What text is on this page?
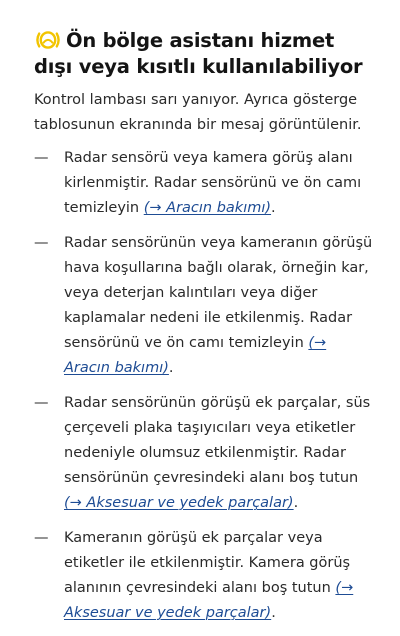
Ön bölge asistanı hizmet dışı veya kısıtlı kullanılabiliyor

Kontrol lambası sarı yanıyor. Ayrıca gösterge tablosunun ekranında bir mesaj görüntülenir.

— Radar sensörü veya kamera görüş alanı kirlenmiştir. Radar sensörünü ve ön camı temizleyin (→ Aracın bakımı).
— Radar sensörünün veya kameranın görüşü hava koşullarına bağlı olarak, örneğin kar, veya deterjan kalıntıları veya diğer kaplamalar nedeni ile etkilenmiş. Radar sensörünü ve ön camı temizleyin (→ Aracın bakımı).
— Radar sensörünün görüşü ek parçalar, süs çerçeveli plaka taşıyıcıları veya etiketler nedeniyle olumsuz etkilenmiştir. Radar sensörünün çevresindeki alanı boş tutun (→ Aksesuar ve yedek parçalar).
— Kameranın görüşü ek parçalar veya etiketler ile etkilenmiştir. Kamera görüş alanının çevresindeki alanı boş tutun (→ Aksesuar ve yedek parçalar).
